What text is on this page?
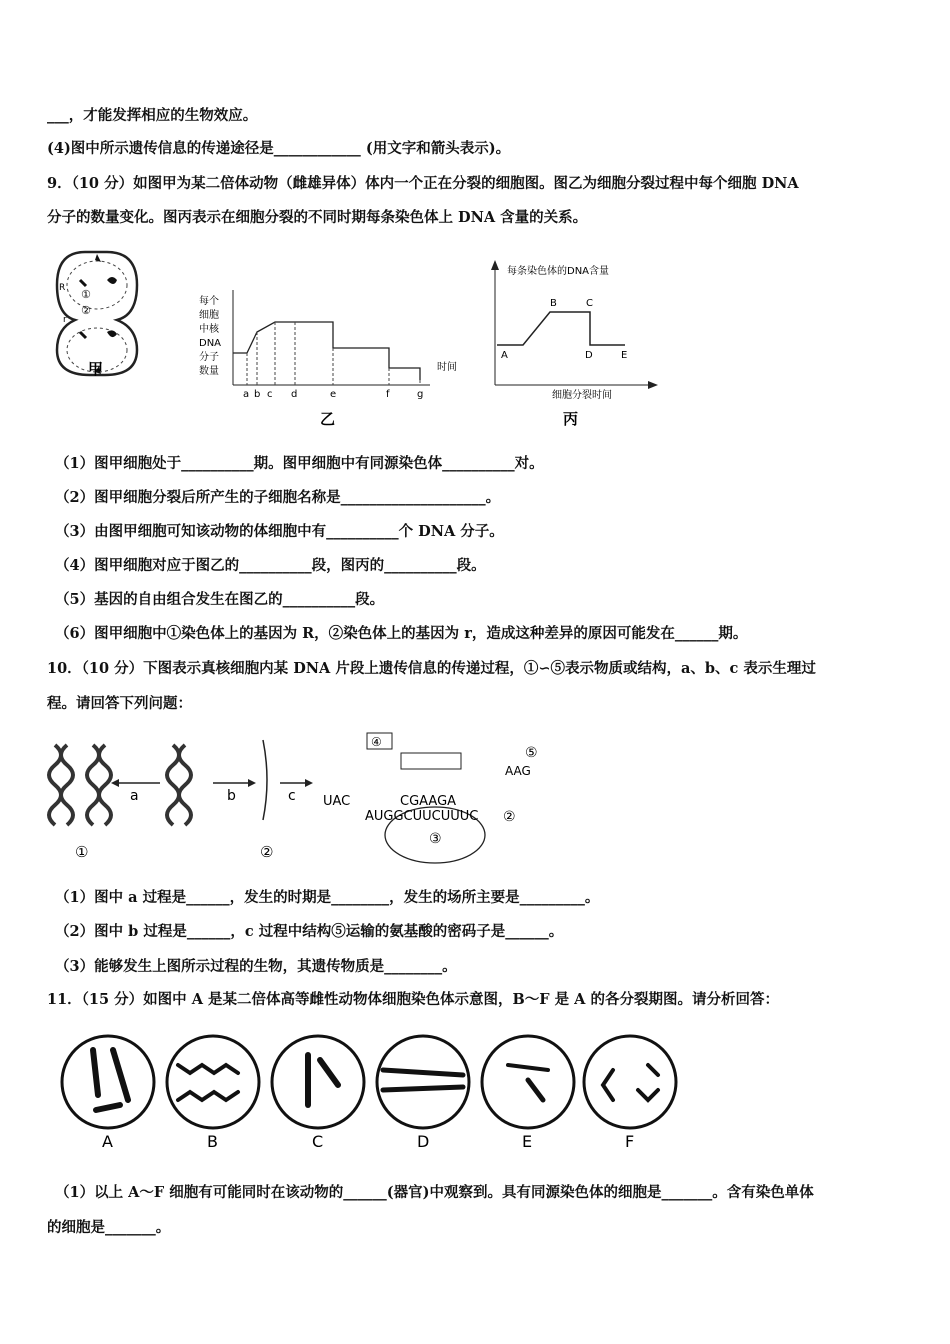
___，才能发挥相应的生物效应。
(4)图中所示遗传信息的传递途径是____________ (用文字和箭头表示)。
9．（10 分）如图甲为某二倍体动物（雌雄异体）体内一个正在分裂的细胞图。图乙为细胞分裂过程中每个细胞 DNA
分子的数量变化。图丙表示在细胞分裂的不同时期每条染色体上 DNA 含量的关系。
R ①
②
r
甲
每个
细胞
中核
DNA
分子
数量
a b c d	e	f	g
时间
乙
每条染色体的DNA含量
A
B	C
D	E
细胞分裂时间
丙
（1）图甲细胞处于__________期。图甲细胞中有同源染色体__________对。
（2）图甲细胞分裂后所产生的子细胞名称是____________________。
（3）由图甲细胞可知该动物的体细胞中有__________个 DNA 分子。
（4）图甲细胞对应于图乙的__________段，图丙的__________段。
（5）基因的自由组合发生在图乙的__________段。
（6）图甲细胞中①染色体上的基因为 R，②染色体上的基因为 r，造成这种差异的原因可能发在______期。
10．（10 分）下图表示真核细胞内某 DNA 片段上遗传信息的传递过程，①∽⑤表示物质或结构，a、b、c 表示生理过
程。请回答下列问题：
a	b	c UAC
④
CGAAGA
AUGGCUUCUUUC ②
③
AAG
⑤
①	②
（1）图中 a 过程是______，发生的时期是________，发生的场所主要是_________。
（2）图中 b 过程是______，c 过程中结构⑤运输的氨基酸的密码子是______。
（3）能够发生上图所示过程的生物，其遗传物质是________。
11．（15 分）如图中 A 是某二倍体高等雌性动物体细胞染色体示意图，B～F 是 A 的各分裂期图。请分析回答：
A	B	C	D	E	F
（1）以上 A～F 细胞有可能同时在该动物的______(器官)中观察到。具有同源染色体的细胞是_______。含有染色单体
的细胞是_______。
